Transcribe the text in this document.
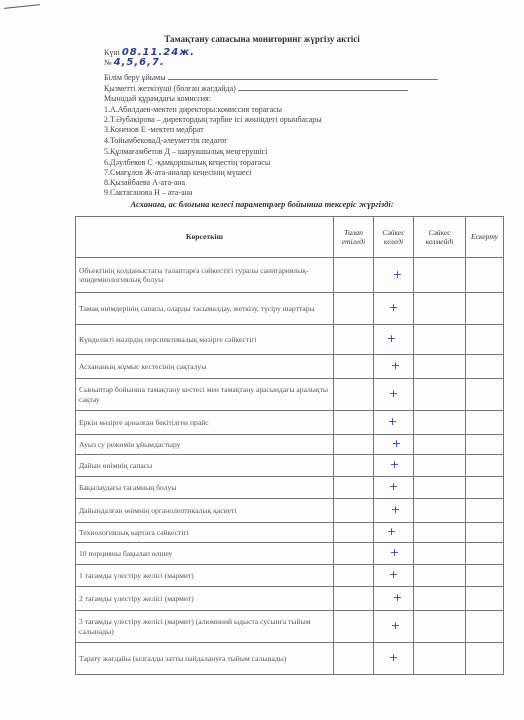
Тамақтану сапасына мониторинг жүргізу актісі
Күні 08.11.24ж.
№ 4,5,6,7.
Білім беру ұйымы
Қызметті жеткізуші (болған жағдайда)
Мынадай құрамдағы комиссия:
1.А.Абилдаев-мектеп директоры:комиссия төрағасы
2.Т.Әубәкірова – директордың тәрбие ісі жөніндегі орынбасары
3.Коненов Е -мектеп медбрат
4.ТойымбековаД-әлеуметтік педагог
5.Құлмағамбетов Д – шаруашылық меңгерушісі
6.Дәулбеков С -қамқоршылық кеңестің төрағасы
7.Смағұлов Ж-ата-аналар кеңесінің мүшесі
8.Қызайбаева А-ата-ана
9.Сактаганова Н – ата-ана
Асханаға, ас блоғына келесі параметрлер бойынша тексеріс жүргізді:
Көрсеткіш	Талап етіледі	Сәйкес келеді	Сәйкес келмейді	Ескерту
Объектінің қолданыстағы талаптарға сәйкестігі туралы санитариялық-эпидемиологиялық болуы		+		
Тамақ өнімдерінің сапасы, оларды тасымалдау, жеткізу, түсіру шарттары		+		
Күнделікті мәзірдің перспективалық мәзірге сәйкестігі		+		
Асхананың жұмыс кестесінің сақталуы		+		
Сыныптар бойынша тамақтану кестесі мен тамақтану арасындағы аралықты сақтау		+		
Еркін мәзірге арналған бекітілген прайс		+		
Ауыз су режимін ұйымдастыру		+		
Дайын өнімнің сапасы		+		
Бақылаудағы тағамның болуы		+		
Дайындалған өнімнің органолептикалық қасиеті		+		
Технологиялық картаға сәйкестігі		+		
10 порцияны бақылап өлшеу		+		
1 тағамды үлестіру желісі (мармит)		+		
2 тағамды үлестіру желісі (мармит)		+		
3 тағамды үлестіру желісі (мармит) (алюминий ыдыста сусынға тыйым салынады)		+		
Тарату жағдайы (ылғалды затты пайдалануға тыйым салынады)		+		
